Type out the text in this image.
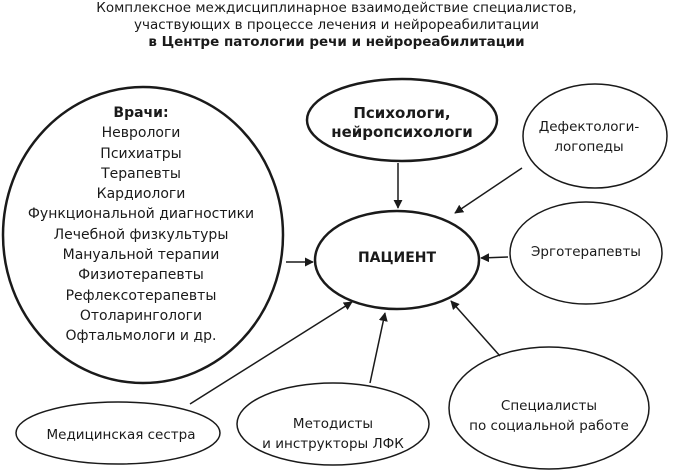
Комплексное междисциплинарное взаимодействие специалистов,
участвующих в процессе лечения и нейрореабилитации
в Центре патологии речи и нейрореабилитации
Врачи:
Неврологи
Психиатры
Терапевты
Кардиологи
Функциональной диагностики
Лечебной физкультуры
Мануальной терапии
Физиотерапевты
Рефлексотерапевты
Отоларингологи
Офтальмологи и др.
Психологи,
нейропсихологи	Дефектологи-
логопеды
ПАЦИЕНТ	Эрготерапевты
Специалисты
по социальной работе
Методисты
и инструкторы ЛФК
Медицинская сестра
